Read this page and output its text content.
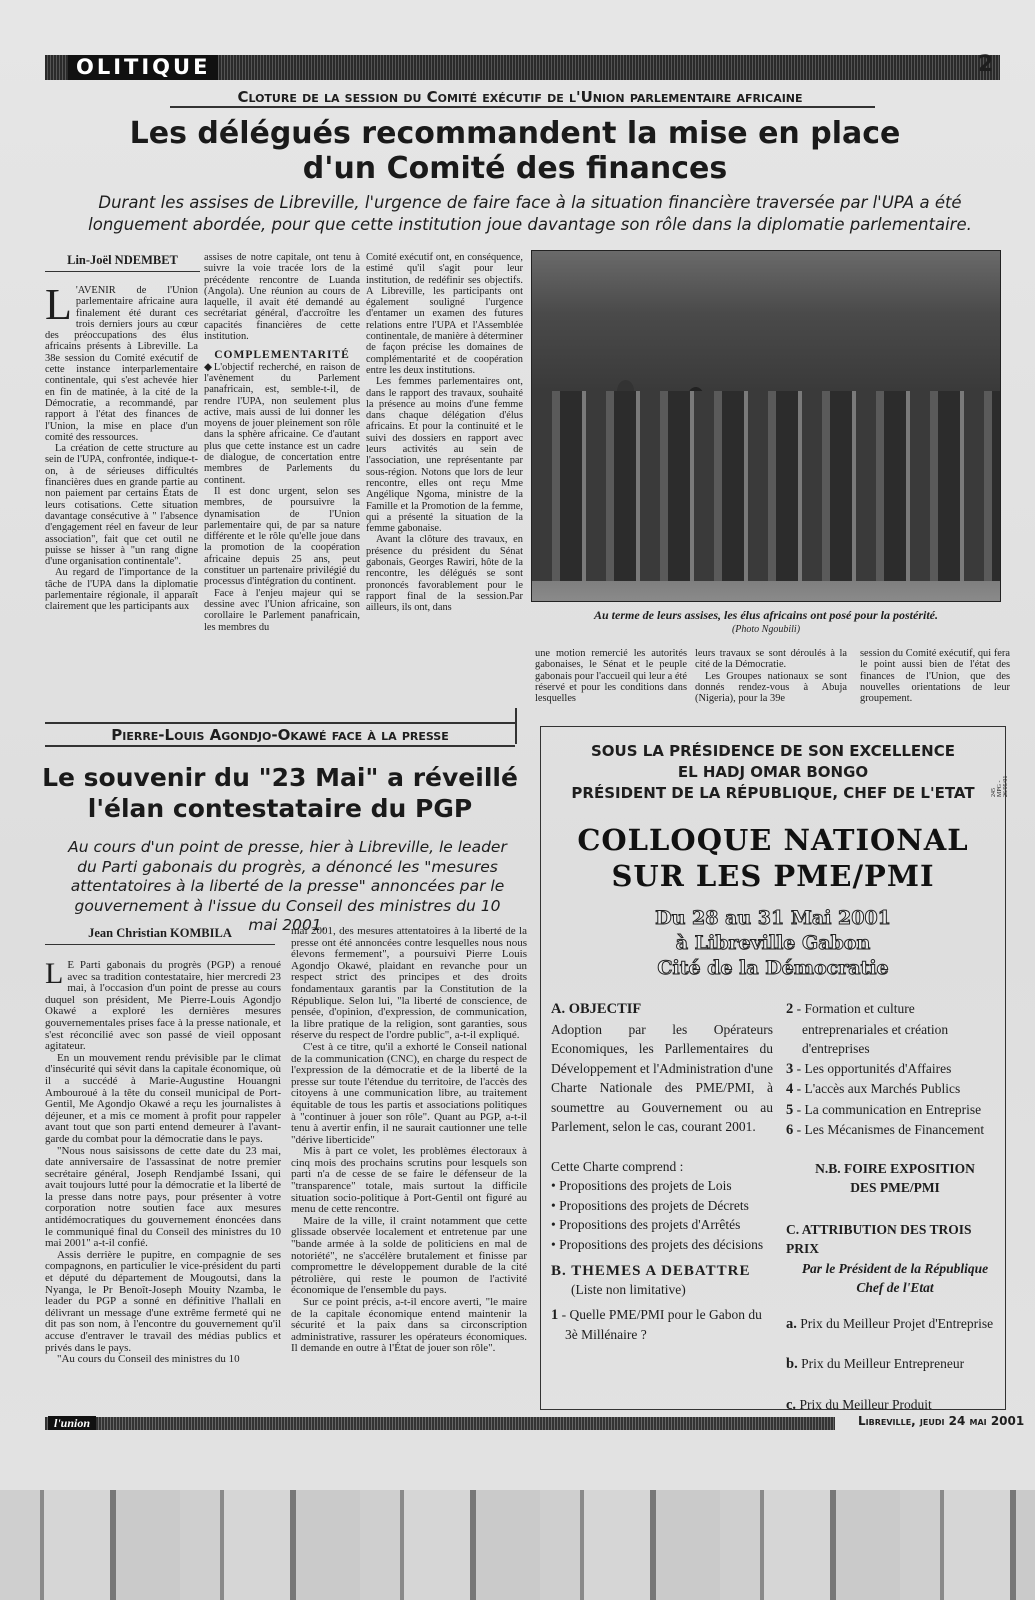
OLITIQUE	2
Cloture de la session du Comité exécutif de l'Union parlementaire africaine
Les délégués recommandent la mise en place
d'un Comité des finances
Durant les assises de Libreville, l'urgence de faire face à la situation financière traversée par l'UPA a été longuement abordée, pour que cette institution joue davantage son rôle dans la diplomatie parlementaire.
Lin-Joël NDEMBET

L 'AVENIR de l'Union parlementaire africaine aura finalement été durant ces trois derniers jours au cœur des préoccupations des élus africains présents à Libreville. La 38e session du Comité exécutif de cette instance interparlementaire continentale, qui s'est achevée hier en fin de matinée, à la cité de la Démocratie, a recommandé, par rapport à l'état des finances de l'Union, la mise en place d'un comité des ressources.

La création de cette structure au sein de l'UPA, confrontée, indique-t-on, à de sérieuses difficultés financières dues en grande partie au non paiement par certains États de leurs cotisations. Cette situation davantage consécutive à " l'absence d'engagement réel en faveur de leur association", fait que cet outil ne puisse se hisser à "un rang digne d'une organisation continentale".

Au regard de l'importance de la tâche de l'UPA dans la diplomatie parlementaire régionale, il apparaît clairement que les participants aux

assises de notre capitale, ont tenu à suivre la voie tracée lors de la précédente rencontre de Luanda (Angola). Une réunion au cours de laquelle, il avait été demandé au secrétariat général, d'accroître les capacités financières de cette institution.

COMPLEMENTARITÉ

◆L'objectif recherché, en raison de l'avènement du Parlement panafricain, est, semble-t-il, de rendre l'UPA, non seulement plus active, mais aussi de lui donner les moyens de jouer pleinement son rôle dans la sphère africaine. Ce d'autant plus que cette instance est un cadre de dialogue, de concertation entre membres de Parlements du continent.

Il est donc urgent, selon ses membres, de poursuivre la dynamisation de l'Union parlementaire qui, de par sa nature différente et le rôle qu'elle joue dans la promotion de la coopération africaine depuis 25 ans, peut constituer un partenaire privilégié du processus d'intégration du continent.

Face à l'enjeu majeur qui se dessine avec l'Union africaine, son corollaire le Parlement panafricain, les membres du

Comité exécutif ont, en conséquence, estimé qu'il s'agit pour leur institution, de redéfinir ses objectifs. A Libreville, les participants ont également souligné l'urgence d'entamer un examen des futures relations entre l'UPA et l'Assemblée continentale, de manière à déterminer de façon précise les domaines de complémentarité et de coopération entre les deux institutions.

Les femmes parlementaires ont, dans le rapport des travaux, souhaité la présence au moins d'une femme dans chaque délégation d'élus africains. Et pour la continuité et le suivi des dossiers en rapport avec leurs activités au sein de l'association, une représentante par sous-région. Notons que lors de leur rencontre, elles ont reçu Mme Angélique Ngoma, ministre de la Famille et la Promotion de la femme, qui a présenté la situation de la femme gabonaise.

Avant la clôture des travaux, en présence du président du Sénat gabonais, Georges Rawiri, hôte de la rencontre, les délégués se sont prononcés favorablement pour le rapport final de la session.Par ailleurs, ils ont, dans

Au terme de leurs assises, les élus africains ont posé pour la postérité.
(Photo Ngoubili)

une motion remercié les autorités gabonaises, le Sénat et le peuple gabonais pour l'accueil qui leur a été réservé et pour les conditions dans lesquelles

leurs travaux se sont déroulés à la cité de la Démocratie.

Les Groupes nationaux se sont donnés rendez-vous à Abuja (Nigeria), pour la 39e

session du Comité exécutif, qui fera le point aussi bien de l'état des finances de l'Union, que des nouvelles orientations de leur groupement.

Pierre-Louis Agondjo-Okawé face à la presse
Le souvenir du "23 Mai" a réveillé
l'élan contestataire du PGP
Au cours d'un point de presse, hier à Libreville, le leader du Parti gabonais du progrès, a dénoncé les "mesures attentatoires à la liberté de la presse" annoncées par le gouvernement à l'issue du Conseil des ministres du 10 mai 2001.
Jean Christian KOMBILA

L E Parti gabonais du progrès (PGP) a renoué avec sa tradition contestataire, hier mercredi 23 mai, à l'occasion d'un point de presse au cours duquel son président, Me Pierre-Louis Agondjo Okawé a exploré les dernières mesures gouvernementales prises face à la presse nationale, et s'est réconcilié avec son passé de vieil opposant agitateur.

En un mouvement rendu prévisible par le climat d'insécurité qui sévit dans la capitale économique, où il a succédé à Marie-Augustine Houangni Ambouroué à la tête du conseil municipal de Port-Gentil, Me Agondjo Okawé a reçu les journalistes à déjeuner, et a mis ce moment à profit pour rappeler avant tout que son parti entend demeurer à l'avant-garde du combat pour la démocratie dans le pays.

"Nous nous saisissons de cette date du 23 mai, date anniversaire de l'assassinat de notre premier secrétaire général, Joseph Rendjambé Issani, qui avait toujours lutté pour la démocratie et la liberté de la presse dans notre pays, pour présenter à votre corporation notre soutien face aux mesures antidémocratiques du gouvernement énoncées dans le communiqué final du Conseil des ministres du 10 mai 2001" a-t-il confié.

Assis derrière le pupitre, en compagnie de ses compagnons, en particulier le vice-président du parti et député du département de Mougoutsi, dans la Nyanga, le Pr Benoît-Joseph Mouity Nzamba, le leader du PGP a sonné en définitive l'hallali en délivrant un message d'une extrême fermeté qui ne dit pas son nom, à l'encontre du gouvernement qu'il accuse d'entraver le travail des médias publics et privés dans le pays.

"Au cours du Conseil des ministres du 10

mai 2001, des mesures attentatoires à la liberté de la presse ont été annoncées contre lesquelles nous nous élevons fermement", a poursuivi Pierre Louis Agondjo Okawé, plaidant en revanche pour un respect strict des principes et des droits fondamentaux garantis par la Constitution de la République. Selon lui, "la liberté de conscience, de pensée, d'opinion, d'expression, de communication, la libre pratique de la religion, sont garanties, sous réserve du respect de l'ordre public", a-t-il expliqué.

C'est à ce titre, qu'il a exhorté le Conseil national de la communication (CNC), en charge du respect de l'expression de la démocratie et de la liberté de la presse sur toute l'étendue du territoire, de l'accès des citoyens à une communication libre, au traitement équitable de tous les partis et associations politiques à "continuer à jouer son rôle". Quant au PGP, a-t-il tenu à avertir enfin, il ne saurait cautionner une telle "dérive liberticide"

Mis à part ce volet, les problèmes électoraux à cinq mois des prochains scrutins pour lesquels son parti n'a de cesse de se faire le défenseur de la "transparence" totale, mais surtout la difficile situation socio-politique à Port-Gentil ont figuré au menu de cette rencontre.

Maire de la ville, il craint notamment que cette glissade observée localement et entretenue par une "bande armée à la solde de politiciens en mal de notoriété", ne s'accélère brutalement et finisse par compromettre le développement durable de la cité pétrolière, qui reste le poumon de l'activité économique de l'ensemble du pays.

Sur ce point précis, a-t-il encore averti, "le maire de la capitale économique entend maintenir la sécurité et la paix dans sa circonscription administrative, rassurer les opérateurs économiques. Il demande en outre à l'État de jouer son rôle".

245 MPG - 26/05/01
SOUS LA PRÉSIDENCE DE SON EXCELLENCE
EL HADJ OMAR BONGO
PRÉSIDENT DE LA RÉPUBLIQUE, CHEF DE L'ETAT
COLLOQUE NATIONAL
SUR LES PME/PMI
Du 28 au 31 Mai 2001
à Libreville Gabon
Cité de la Démocratie
A. OBJECTIF
Adoption par les Opérateurs Economiques, les Parllementaires du Développement et l'Administration d'une Charte Nationale des PME/PMI, à soumettre au Gouvernement ou au Parlement, selon le cas, courant 2001.
Cette Charte comprend :
• Propositions des projets de Lois
• Propositions des projets de Décrets
• Propositions des projets d'Arrêtés
• Propositions des projets des décisions
B. THEMES A DEBATTRE
(Liste non limitative)
1 - Quelle PME/PMI pour le Gabon du 3è Millénaire ?
2 - Formation et culture entreprenariales et création d'entreprises
3 - Les opportunités d'Affaires
4 - L'accès aux Marchés Publics
5 - La communication en Entreprise
6 - Les Mécanismes de Financement
N.B. FOIRE EXPOSITION
DES PME/PMI
C. ATTRIBUTION DES TROIS PRIX
Par le Président de la République
Chef de l'Etat
a. Prix du Meilleur Projet d'Entreprise
b. Prix du Meilleur Entrepreneur
c. Prix du Meilleur Produit
l'union	Libreville, jeudi 24 mai 2001
